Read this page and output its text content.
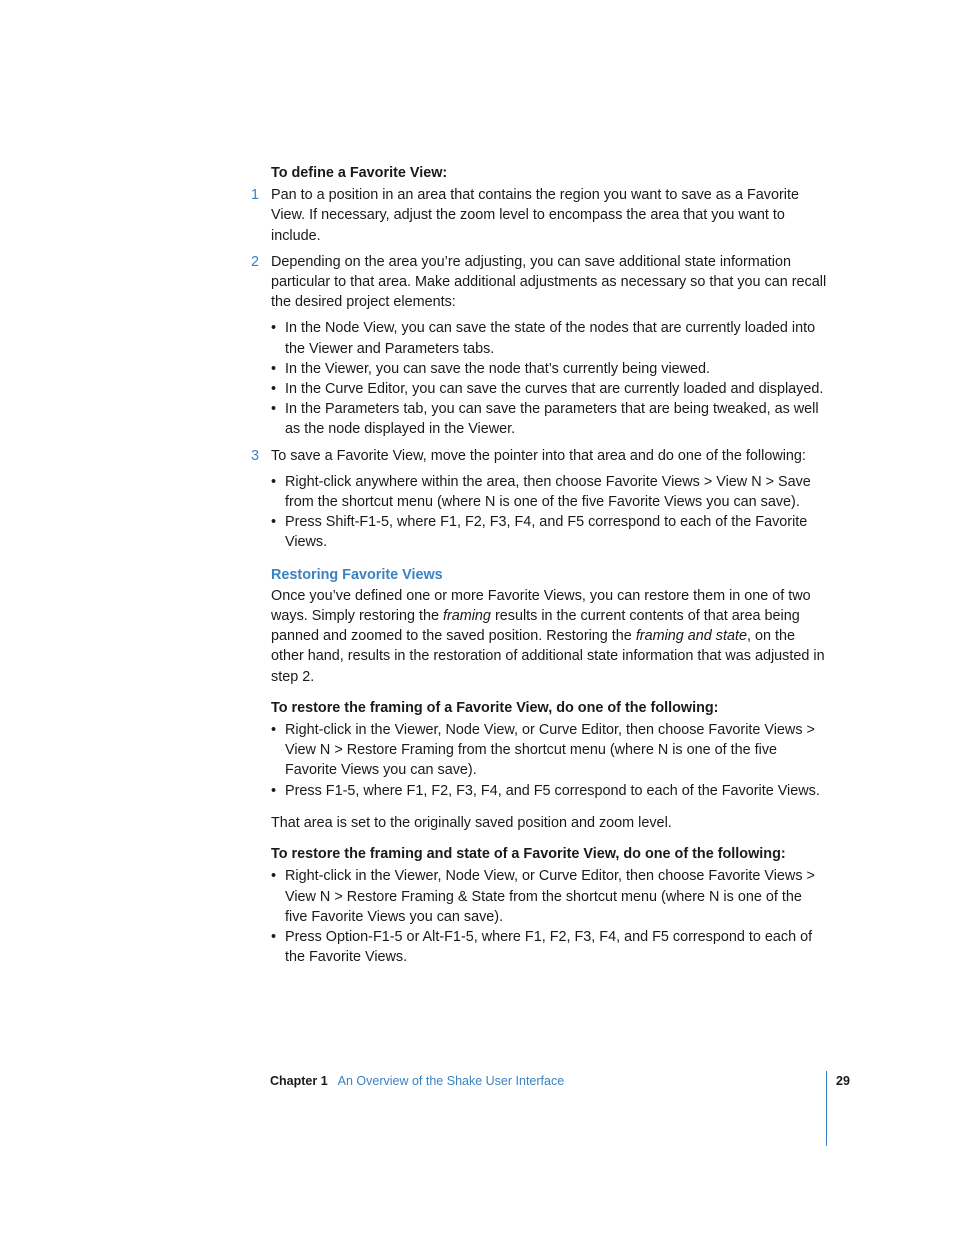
To define a Favorite View:

1 Pan to a position in an area that contains the region you want to save as a Favorite View. If necessary, adjust the zoom level to encompass the area that you want to include.
2 Depending on the area you’re adjusting, you can save additional state information particular to that area. Make additional adjustments as necessary so that you can recall the desired project elements:
• In the Node View, you can save the state of the nodes that are currently loaded into the Viewer and Parameters tabs.
• In the Viewer, you can save the node that’s currently being viewed.
• In the Curve Editor, you can save the curves that are currently loaded and displayed.
• In the Parameters tab, you can save the parameters that are being tweaked, as well as the node displayed in the Viewer.
3 To save a Favorite View, move the pointer into that area and do one of the following:
• Right-click anywhere within the area, then choose Favorite Views > View N > Save from the shortcut menu (where N is one of the five Favorite Views you can save).
• Press Shift-F1-5, where F1, F2, F3, F4, and F5 correspond to each of the Favorite Views.

Restoring Favorite Views

Once you’ve defined one or more Favorite Views, you can restore them in one of two ways. Simply restoring the framing results in the current contents of that area being panned and zoomed to the saved position. Restoring the framing and state, on the other hand, results in the restoration of additional state information that was adjusted in step 2.

To restore the framing of a Favorite View, do one of the following:

• Right-click in the Viewer, Node View, or Curve Editor, then choose Favorite Views > View N > Restore Framing from the shortcut menu (where N is one of the five Favorite Views you can save).
• Press F1-5, where F1, F2, F3, F4, and F5 correspond to each of the Favorite Views.

That area is set to the originally saved position and zoom level.

To restore the framing and state of a Favorite View, do one of the following:

• Right-click in the Viewer, Node View, or Curve Editor, then choose Favorite Views > View N > Restore Framing & State from the shortcut menu (where N is one of the five Favorite Views you can save).
• Press Option-F1-5 or Alt-F1-5, where F1, F2, F3, F4, and F5 correspond to each of the Favorite Views.
Chapter 1 An Overview of the Shake User Interface	29
